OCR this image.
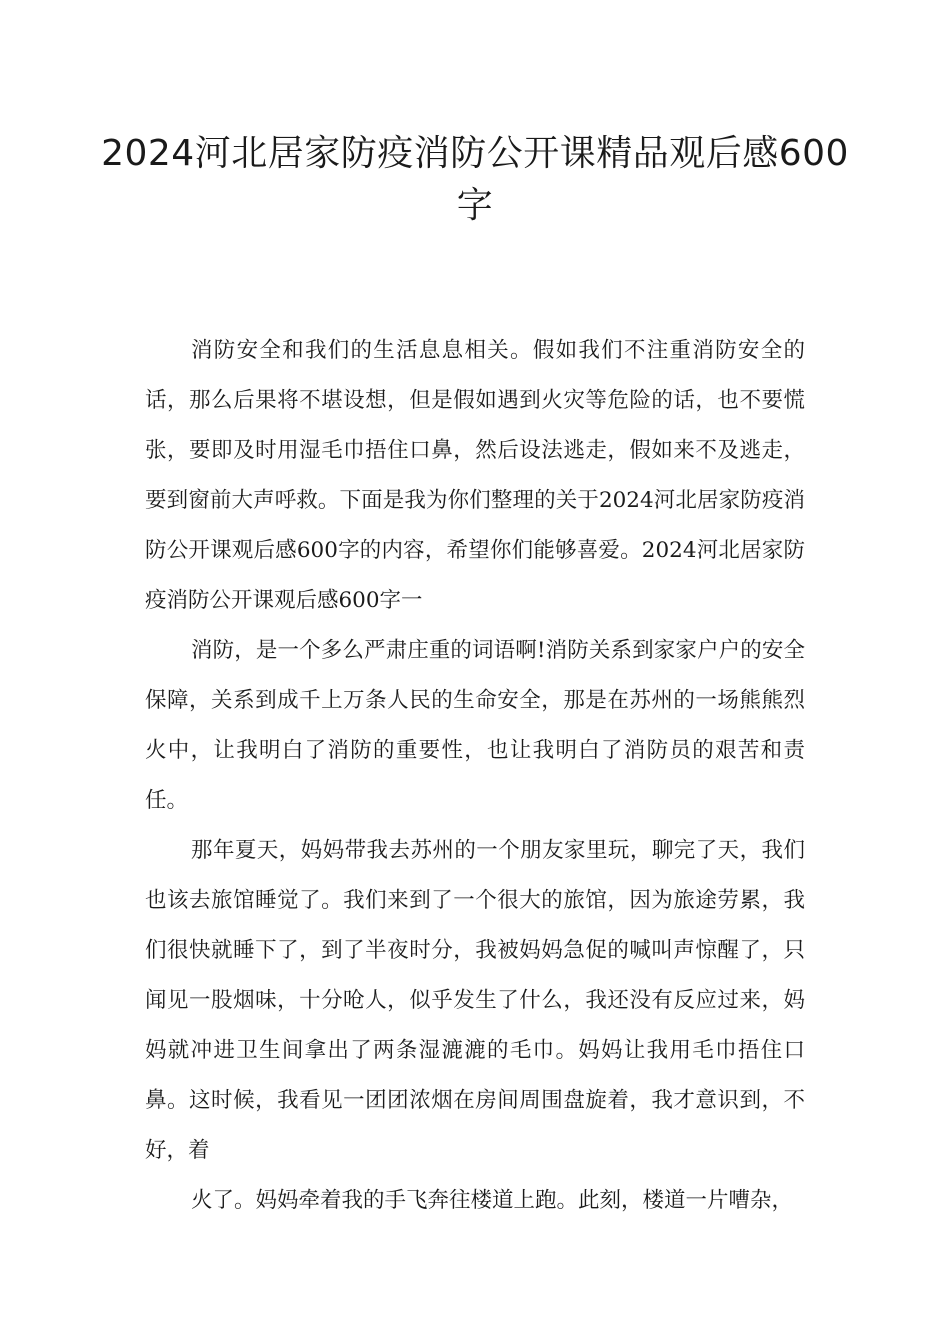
2024河北居家防疫消防公开课精品观后感600字

消防安全和我们的生活息息相关。假如我们不注重消防安全的话，那么后果将不堪设想，但是假如遇到火灾等危险的话，也不要慌张，要即及时用湿毛巾捂住口鼻，然后设法逃走，假如来不及逃走，要到窗前大声呼救。下面是我为你们整理的关于2024河北居家防疫消防公开课观后感600字的内容，希望你们能够喜爱。2024河北居家防疫消防公开课观后感600字一

消防，是一个多么严肃庄重的词语啊!消防关系到家家户户的安全保障，关系到成千上万条人民的生命安全，那是在苏州的一场熊熊烈火中，让我明白了消防的重要性，也让我明白了消防员的艰苦和责任。

那年夏天，妈妈带我去苏州的一个朋友家里玩，聊完了天，我们也该去旅馆睡觉了。我们来到了一个很大的旅馆，因为旅途劳累，我们很快就睡下了，到了半夜时分，我被妈妈急促的喊叫声惊醒了，只闻见一股烟味，十分呛人，似乎发生了什么，我还没有反应过来，妈妈就冲进卫生间拿出了两条湿漉漉的毛巾。妈妈让我用毛巾捂住口鼻。这时候，我看见一团团浓烟在房间周围盘旋着，我才意识到，不好，着

火了。妈妈牵着我的手飞奔往楼道上跑。此刻，楼道一片嘈杂，
